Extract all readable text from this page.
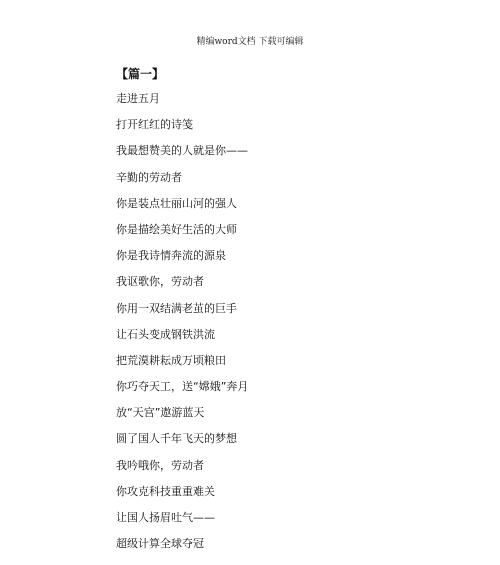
精编word文档 下载可编辑
【篇一】
走进五月
打开红红的诗笺
我最想赞美的人就是你——
辛勤的劳动者
你是装点壮丽山河的强人
你是描绘美好生活的大师
你是我诗情奔流的源泉
我讴歌你，劳动者
你用一双结满老茧的巨手
让石头变成钢铁洪流
把荒漠耕耘成万顷粮田
你巧夺天工，送“嫦娥”奔月
放“天宫”遨游蓝天
圆了国人千年飞天的梦想
我吟哦你，劳动者
你攻克科技重重难关
让国人扬眉吐气——
超级计算全球夺冠
